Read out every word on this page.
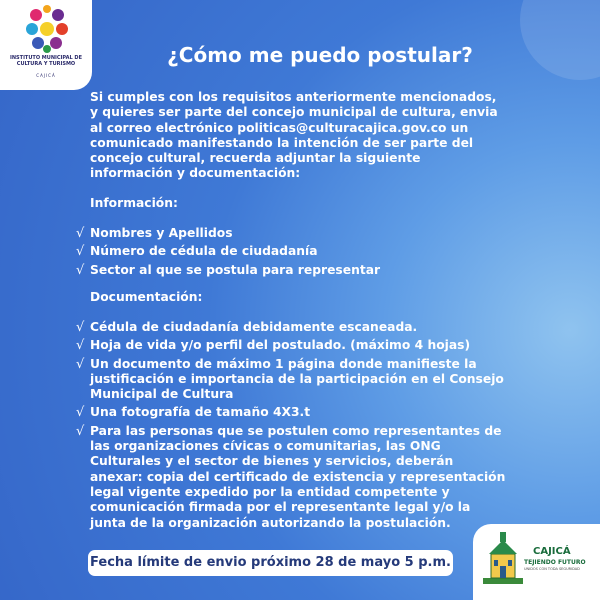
INSTITUTO MUNICIPAL DE CULTURA Y TURISMO
CAJICÁ
¿Cómo me puedo postular?
Si cumples con los requisitos anteriormente mencionados, y quieres ser parte del concejo municipal de cultura, envia al correo electrónico politicas@culturacajica.gov.co un comunicado manifestando la intención de ser parte del concejo cultural, recuerda adjuntar la siguiente información y documentación:
Información:
√ Nombres y Apellidos
√ Número de cédula de ciudadanía
√ Sector al que se postula para representar
Documentación:
√ Cédula de ciudadanía debidamente escaneada.
√ Hoja de vida y/o perfil del postulado. (máximo 4 hojas)
√ Un documento de máximo 1 página donde manifieste la justificación e importancia de la participación en el Consejo Municipal de Cultura
√ Una fotografía de tamaño 4X3.t
√ Para las personas que se postulen como representantes de las organizaciones cívicas o comunitarias, las ONG Culturales y el sector de bienes y servicios, deberán anexar: copia del certificado de existencia y representación legal vigente expedido por la entidad competente y comunicación firmada por el representante legal y/o la junta de la organización autorizando la postulación.
Fecha límite de envio próximo 28 de mayo 5 p.m.
CAJICÁ
TEJIENDO FUTURO
UNIDOS CON TODA SEGURIDAD
